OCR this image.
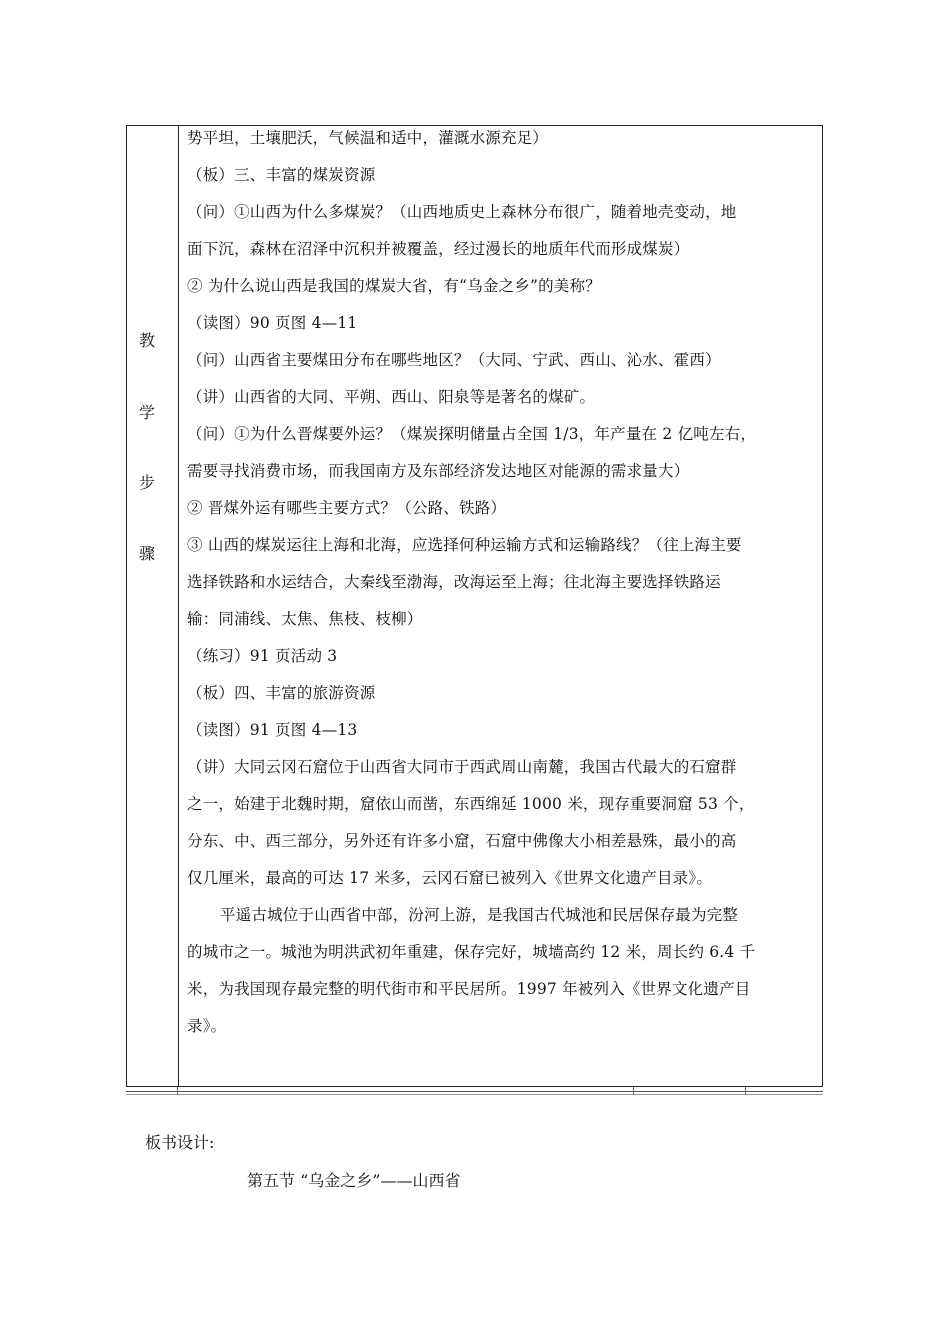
教
学
步
骤
势平坦，土壤肥沃，气候温和适中，灌溉水源充足）
（板）三、丰富的煤炭资源
（问）①山西为什么多煤炭？（山西地质史上森林分布很广，随着地壳变动，地
面下沉，森林在沼泽中沉积并被覆盖，经过漫长的地质年代而形成煤炭）
② 为什么说山西是我国的煤炭大省，有“乌金之乡”的美称？
（读图）90 页图 4—11
（问）山西省主要煤田分布在哪些地区？（大同、宁武、西山、沁水、霍西）
（讲）山西省的大同、平朔、西山、阳泉等是著名的煤矿。
（问）①为什么晋煤要外运？（煤炭探明储量占全国 1/3，年产量在 2 亿吨左右，
需要寻找消费市场，而我国南方及东部经济发达地区对能源的需求量大）
② 晋煤外运有哪些主要方式？（公路、铁路）
③ 山西的煤炭运往上海和北海，应选择何种运输方式和运输路线？（往上海主要
选择铁路和水运结合，大秦线至渤海，改海运至上海；往北海主要选择铁路运
输：同浦线、太焦、焦枝、枝柳）
（练习）91 页活动 3
（板）四、丰富的旅游资源
（读图）91 页图 4—13
（讲）大同云冈石窟位于山西省大同市于西武周山南麓，我国古代最大的石窟群
之一，始建于北魏时期，窟依山而凿，东西绵延 1000 米，现存重要洞窟 53 个，
分东、中、西三部分，另外还有许多小窟，石窟中佛像大小相差悬殊，最小的高
仅几厘米，最高的可达 17 米多，云冈石窟已被列入《世界文化遗产目录》。
平遥古城位于山西省中部，汾河上游，是我国古代城池和民居保存最为完整
的城市之一。城池为明洪武初年重建，保存完好，城墙高约 12 米，周长约 6.4 千
米，为我国现存最完整的明代街市和平民居所。1997 年被列入《世界文化遗产目
录》。
板书设计:
第五节 “乌金之乡”——山西省
